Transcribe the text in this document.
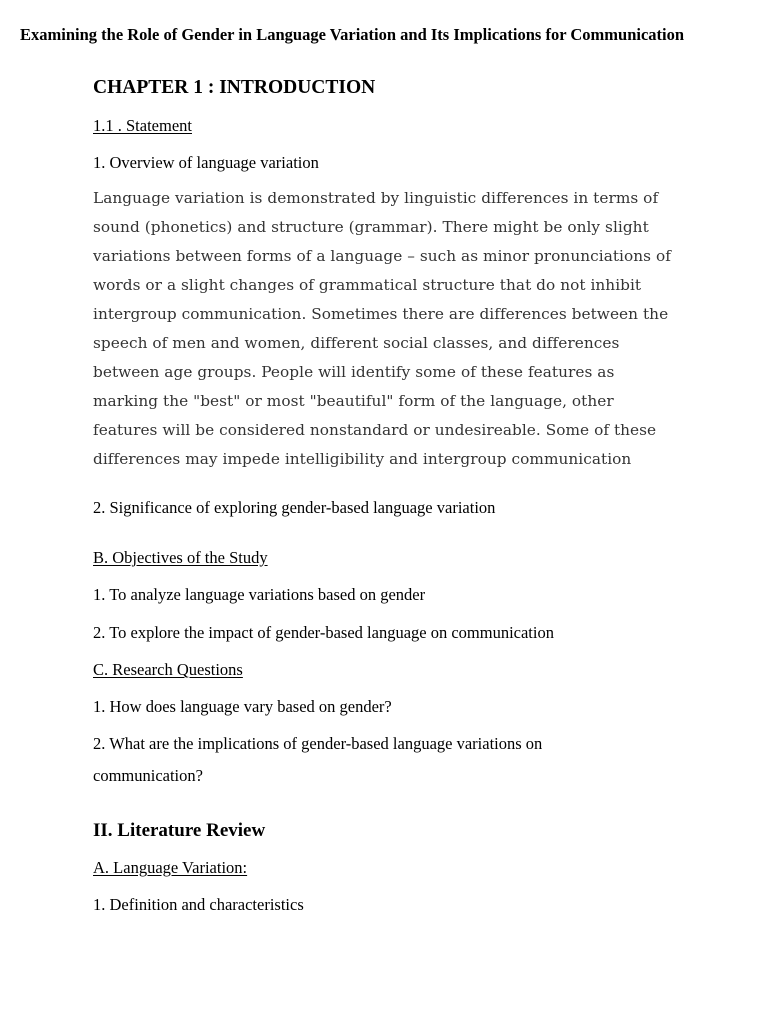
Examining the Role of Gender in Language Variation and Its Implications for Communication
CHAPTER 1 : INTRODUCTION
1.1 . Statement
1. Overview of language variation
Language variation is demonstrated by linguistic differences in terms of
sound (phonetics) and structure (grammar). There might be only slight
variations between forms of a language – such as minor pronunciations of
words or a slight changes of grammatical structure that do not inhibit
intergroup communication. Sometimes there are differences between the
speech of men and women, different social classes, and differences
between age groups. People will identify some of these features as
marking the "best" or most "beautiful" form of the language, other
features will be considered nonstandard or undesireable. Some of these
differences may impede intelligibility and intergroup communication
2. Significance of exploring gender-based language variation
B. Objectives of the Study
1. To analyze language variations based on gender
2. To explore the impact of gender-based language on communication
C. Research Questions
1. How does language vary based on gender?
2. What are the implications of gender-based language variations on
communication?
II. Literature Review
A. Language Variation:
1. Definition and characteristics
